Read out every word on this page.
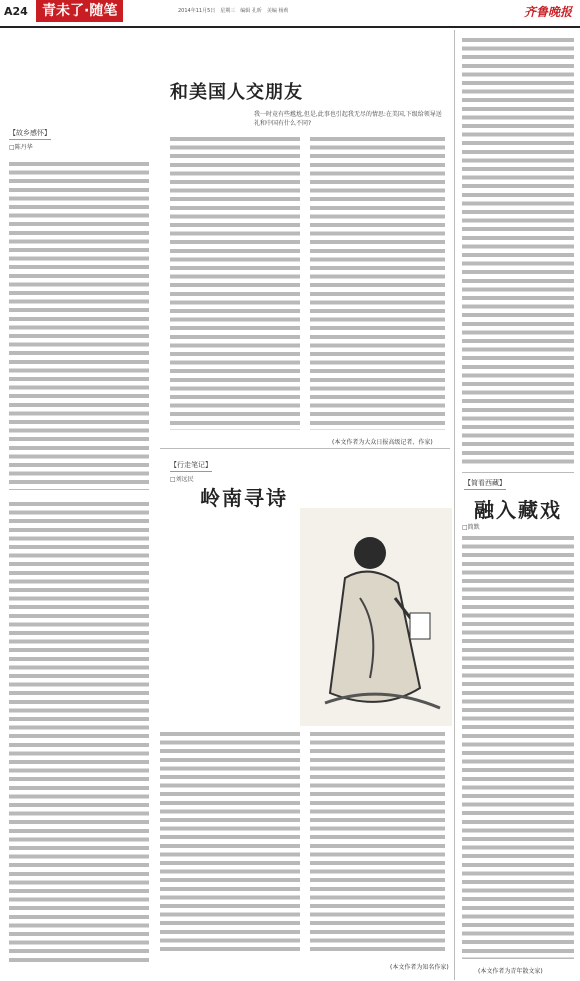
A24	青未了·随笔	2014年11月5日　星期三　编辑 孔昕　美编 杨莉	齐鲁晚报
【故乡感怀】
□陈丹华
和美国人交朋友
我一时竟有些尴尬,但是,此事也引起我无尽的情思:在美国,下级给领导送礼和中国有什么不同?
(本文作者为大众日报高级记者、作家)
【行走笔记】
□刘远民
岭南寻诗
(本文作者为知名作家)
【简看西藏】
融入藏戏
□简默
(本文作者为青年散文家)
